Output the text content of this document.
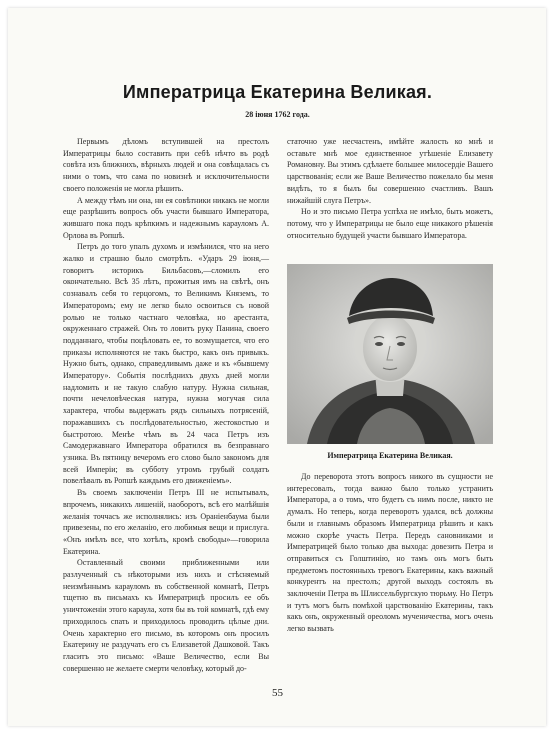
Императрица Екатерина Великая.

28 іюня 1762 года.

Первымъ дѣломъ вступившей на престолъ Императрицы было составить при себѣ нѣчто въ родѣ совѣта изъ ближнихъ, вѣрныхъ людей и она совѣщалась съ ними о томъ, что сама по новизнѣ и исключительности своего положенія не могла рѣшить.

А между тѣмъ ни она, ни ея совѣтники никакъ не могли еще разрѣшить вопросъ объ участи бывшаго Императора, жившаго пока подъ крѣпкимъ и надежнымъ карауломъ А. Орлова въ Ропшѣ.

Петръ до того упалъ духомъ и измѣнился, что на него жалко и страшно было смотрѣть. «Ударъ 29 іюня,—говоритъ историкъ Бильбасовъ,—сломилъ его окончательно. Всѣ 35 лѣтъ, прожитыя имъ на свѣтѣ, онъ сознавалъ себя то герцогомъ, то Великимъ Княземъ, то Императоромъ; ему не легко было освоиться съ новой ролью не только частнаго человѣка, но арестанта, окруженнаго стражей. Онъ то ловитъ руку Панина, своего подданнаго, чтобы поцѣловать ее, то возмущается, что его приказы исполняются не такъ быстро, какъ онъ привыкъ. Нужно быть, однако, справедливымъ даже и къ «бывшему Императору». Событія послѣднихъ двухъ дней могли надломить и не такую слабую натуру. Нужна сильная, почти нечеловѣческая натура, нужна могучая сила характера, чтобы выдержать рядъ сильныхъ потрясеній, поражавшихъ съ послѣдовательностью, жестокостью и быстротою. Менѣе чѣмъ въ 24 часа Петръ изъ Самодержавнаго Императора обратился въ безправнаго узника. Въ пятницу вечеромъ его слово было закономъ для всей Имперіи; въ субботу утромъ грубый солдатъ повелѣвалъ въ Ропшѣ каждымъ его движеніемъ».

Въ своемъ заключеніи Петръ III не испытывалъ, впрочемъ, никакихъ лишеній, наоборотъ, всѣ его малѣйшія желанія точчасъ же исполнялись: изъ Ораніенбаума были привезены, по его желанію, его любимыя вещи и прислуга. «Онъ имѣлъ все, что хотѣлъ, кромѣ свободы»—говорила Екатерина.

Оставленный своими приближенными или разлученный съ нѣкоторыми изъ нихъ и стѣсняемый неизмѣннымъ карауломъ въ собственной комнатѣ, Петръ тщетно въ письмахъ къ Императрицѣ просилъ ее объ уничтоженіи этого караула, хотя бы въ той комнатѣ, гдѣ ему приходилось спать и приходилось проводить цѣлые дни. Очень характерно его письмо, въ которомъ онъ просилъ Екатерину не раздучать его съ Елизаветой Дашковой. Такъ гласитъ это письмо: «Ваше Величество, если Вы совершенно не желаете смерти человѣку, который до-

статочно уже несчастенъ, имѣйте жалость ко мнѣ и оставьте мнѣ мое единственное утѣшеніе Елизавету Романовну. Вы этимъ сдѣлаете большее милосердіе Вашего царствованія; если же Ваше Величество пожелало бы меня видѣть, то я былъ бы совершенно счастливъ. Вашъ нижайшій слуга Петръ».

Но и это письмо Петра успѣха не имѣло, быть можетъ, потому, что у Императрицы не было еще никакого рѣшенія относительно будущей участи бывшаго Императора.

Императрица Екатерина Великая.

До переворота этотъ вопросъ никого въ сущности не интересовалъ, тогда важно было только устранить Императора, а о томъ, что будетъ съ нимъ после, никто не думалъ. Но теперь, когда переворотъ удался, всѣ должны были и главнымъ образомъ Императрица рѣшить и какъ можно скорѣе участь Петра. Передъ сановниками и Императрицей было только два выхода: довезить Петра и отправиться съ Голштинію, но тамъ онъ могъ быть предметомъ постоянныхъ тревогъ Екатерины, какъ важный конкурентъ на престолъ; другой выходъ состоялъ въ заключеніи Петра въ Шлиссельбургскую тюрьму. Но Петръ и тутъ могъ быть помѣхой царствованію Екатерины, такъ какъ онъ, окруженный ореоломъ мученичества, могъ очень легко вызвать

55
